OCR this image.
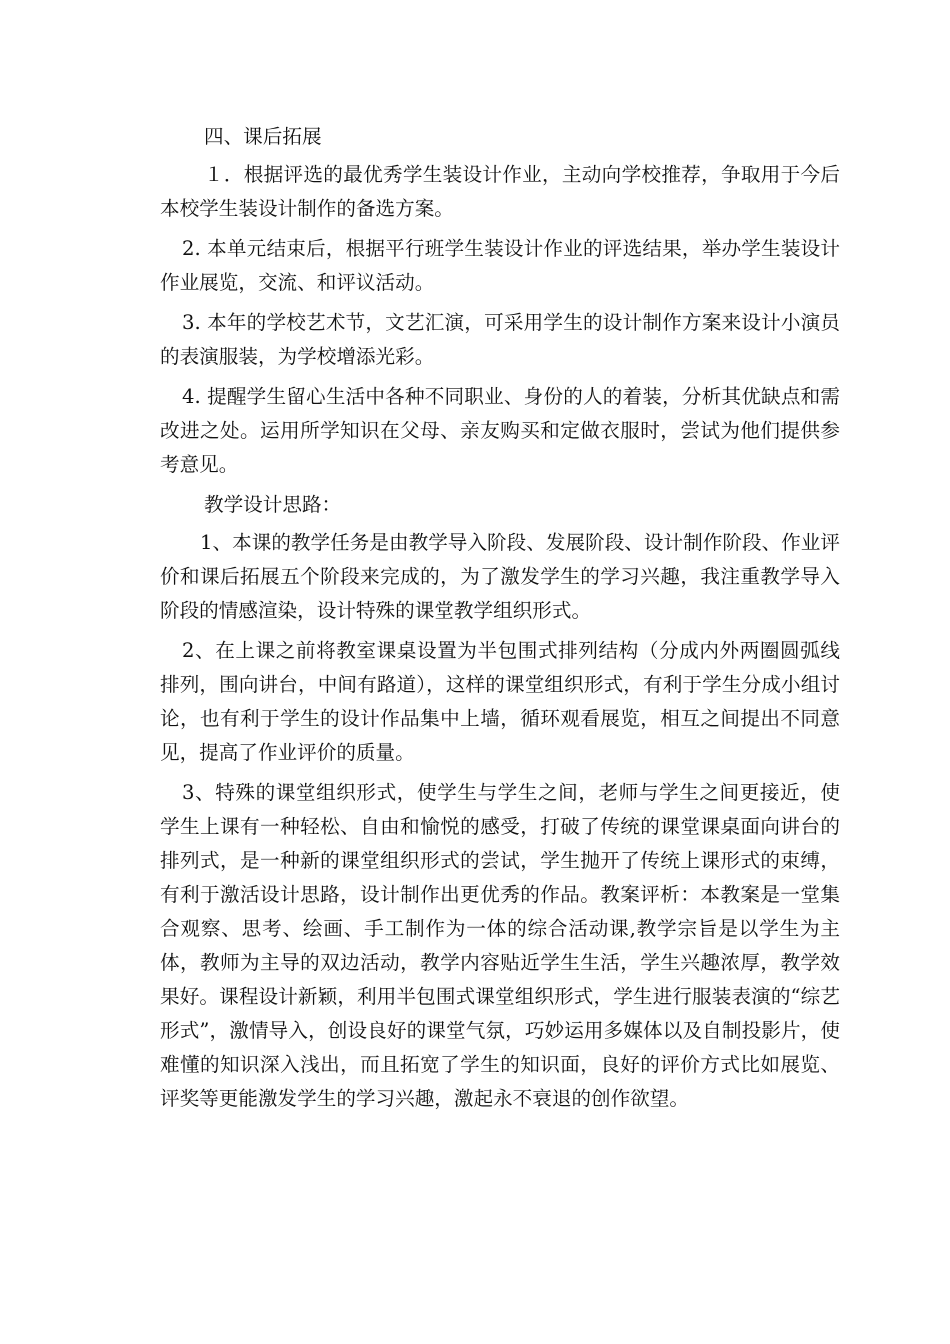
四、课后拓展

１．根据评选的最优秀学生装设计作业，主动向学校推荐，争取用于今后本校学生装设计制作的备选方案。

2. 本单元结束后，根据平行班学生装设计作业的评选结果，举办学生装设计作业展览，交流、和评议活动。

3. 本年的学校艺术节，文艺汇演，可采用学生的设计制作方案来设计小演员的表演服装，为学校增添光彩。

4. 提醒学生留心生活中各种不同职业、身份的人的着装，分析其优缺点和需改进之处。运用所学知识在父母、亲友购买和定做衣服时，尝试为他们提供参考意见。

教学设计思路：

1、本课的教学任务是由教学导入阶段、发展阶段、设计制作阶段、作业评价和课后拓展五个阶段来完成的，为了激发学生的学习兴趣，我注重教学导入阶段的情感渲染，设计特殊的课堂教学组织形式。

2、在上课之前将教室课桌设置为半包围式排列结构（分成内外两圈圆弧线排列，围向讲台，中间有路道），这样的课堂组织形式，有利于学生分成小组讨论，也有利于学生的设计作品集中上墙，循环观看展览，相互之间提出不同意见，提高了作业评价的质量。

3、特殊的课堂组织形式，使学生与学生之间，老师与学生之间更接近，使学生上课有一种轻松、自由和愉悦的感受，打破了传统的课堂课桌面向讲台的排列式，是一种新的课堂组织形式的尝试，学生抛开了传统上课形式的束缚，有利于激活设计思路，设计制作出更优秀的作品。教案评析：本教案是一堂集合观察、思考、绘画、手工制作为一体的综合活动课,教学宗旨是以学生为主体，教师为主导的双边活动，教学内容贴近学生生活，学生兴趣浓厚，教学效果好。课程设计新颖，利用半包围式课堂组织形式，学生进行服装表演的“综艺形式”，激情导入，创设良好的课堂气氛，巧妙运用多媒体以及自制投影片，使难懂的知识深入浅出，而且拓宽了学生的知识面，良好的评价方式比如展览、评奖等更能激发学生的学习兴趣，激起永不衰退的创作欲望。
